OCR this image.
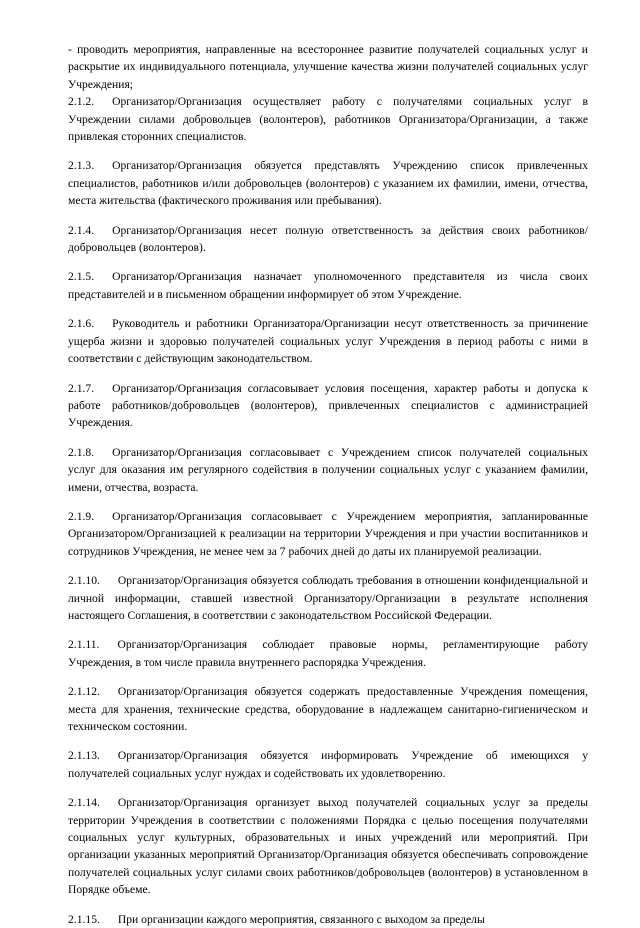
- проводить мероприятия, направленные на всестороннее развитие получателей социальных услуг и раскрытие их индивидуального потенциала, улучшение качества жизни получателей социальных услуг Учреждения;

2.1.2. Организатор/Организация осуществляет работу с получателями социальных услуг в Учреждении силами добровольцев (волонтеров), работников Организатора/Организации, а также привлекая сторонних специалистов.

2.1.3. Организатор/Организация обязуется представлять Учреждению список привлеченных специалистов, работников и/или добровольцев (волонтеров) с указанием их фамилии, имени, отчества, места жительства (фактического проживания или пребывания).

2.1.4. Организатор/Организация несет полную ответственность за действия своих работников/добровольцев (волонтеров).

2.1.5. Организатор/Организация назначает уполномоченного представителя из числа своих представителей и в письменном обращении информирует об этом Учреждение.

2.1.6. Руководитель и работники Организатора/Организации несут ответственность за причинение ущерба жизни и здоровью получателей социальных услуг Учреждения в период работы с ними в соответствии с действующим законодательством.

2.1.7. Организатор/Организация согласовывает условия посещения, характер работы и допуска к работе работников/добровольцев (волонтеров), привлеченных специалистов с администрацией Учреждения.

2.1.8. Организатор/Организация согласовывает с Учреждением список получателей социальных услуг для оказания им регулярного содействия в получении социальных услуг с указанием фамилии, имени, отчества, возраста.

2.1.9. Организатор/Организация согласовывает с Учреждением мероприятия, запланированные Организатором/Организацией к реализации на территории Учреждения и при участии воспитанников и сотрудников Учреждения, не менее чем за 7 рабочих дней до даты их планируемой реализации.

2.1.10. Организатор/Организация обязуется соблюдать требования в отношении конфиденциальной и личной информации, ставшей известной Организатору/Организации в результате исполнения настоящего Соглашения, в соответствии с законодательством Российской Федерации.

2.1.11. Организатор/Организация соблюдает правовые нормы, регламентирующие работу Учреждения, в том числе правила внутреннего распорядка Учреждения.

2.1.12. Организатор/Организация обязуется содержать предоставленные Учреждения помещения, места для хранения, технические средства, оборудование в надлежащем санитарно-гигиеническом и техническом состоянии.

2.1.13. Организатор/Организация обязуется информировать Учреждение об имеющихся у получателей социальных услуг нуждах и содействовать их удовлетворению.

2.1.14. Организатор/Организация организует выход получателей социальных услуг за пределы территории Учреждения в соответствии с положениями Порядка с целью посещения получателями социальных услуг культурных, образовательных и иных учреждений или мероприятий. При организации указанных мероприятий Организатор/Организация обязуется обеспечивать сопровождение получателей социальных услуг силами своих работников/добровольцев (волонтеров) в установленном в Порядке объеме.

2.1.15. При организации каждого мероприятия, связанного с выходом за пределы
